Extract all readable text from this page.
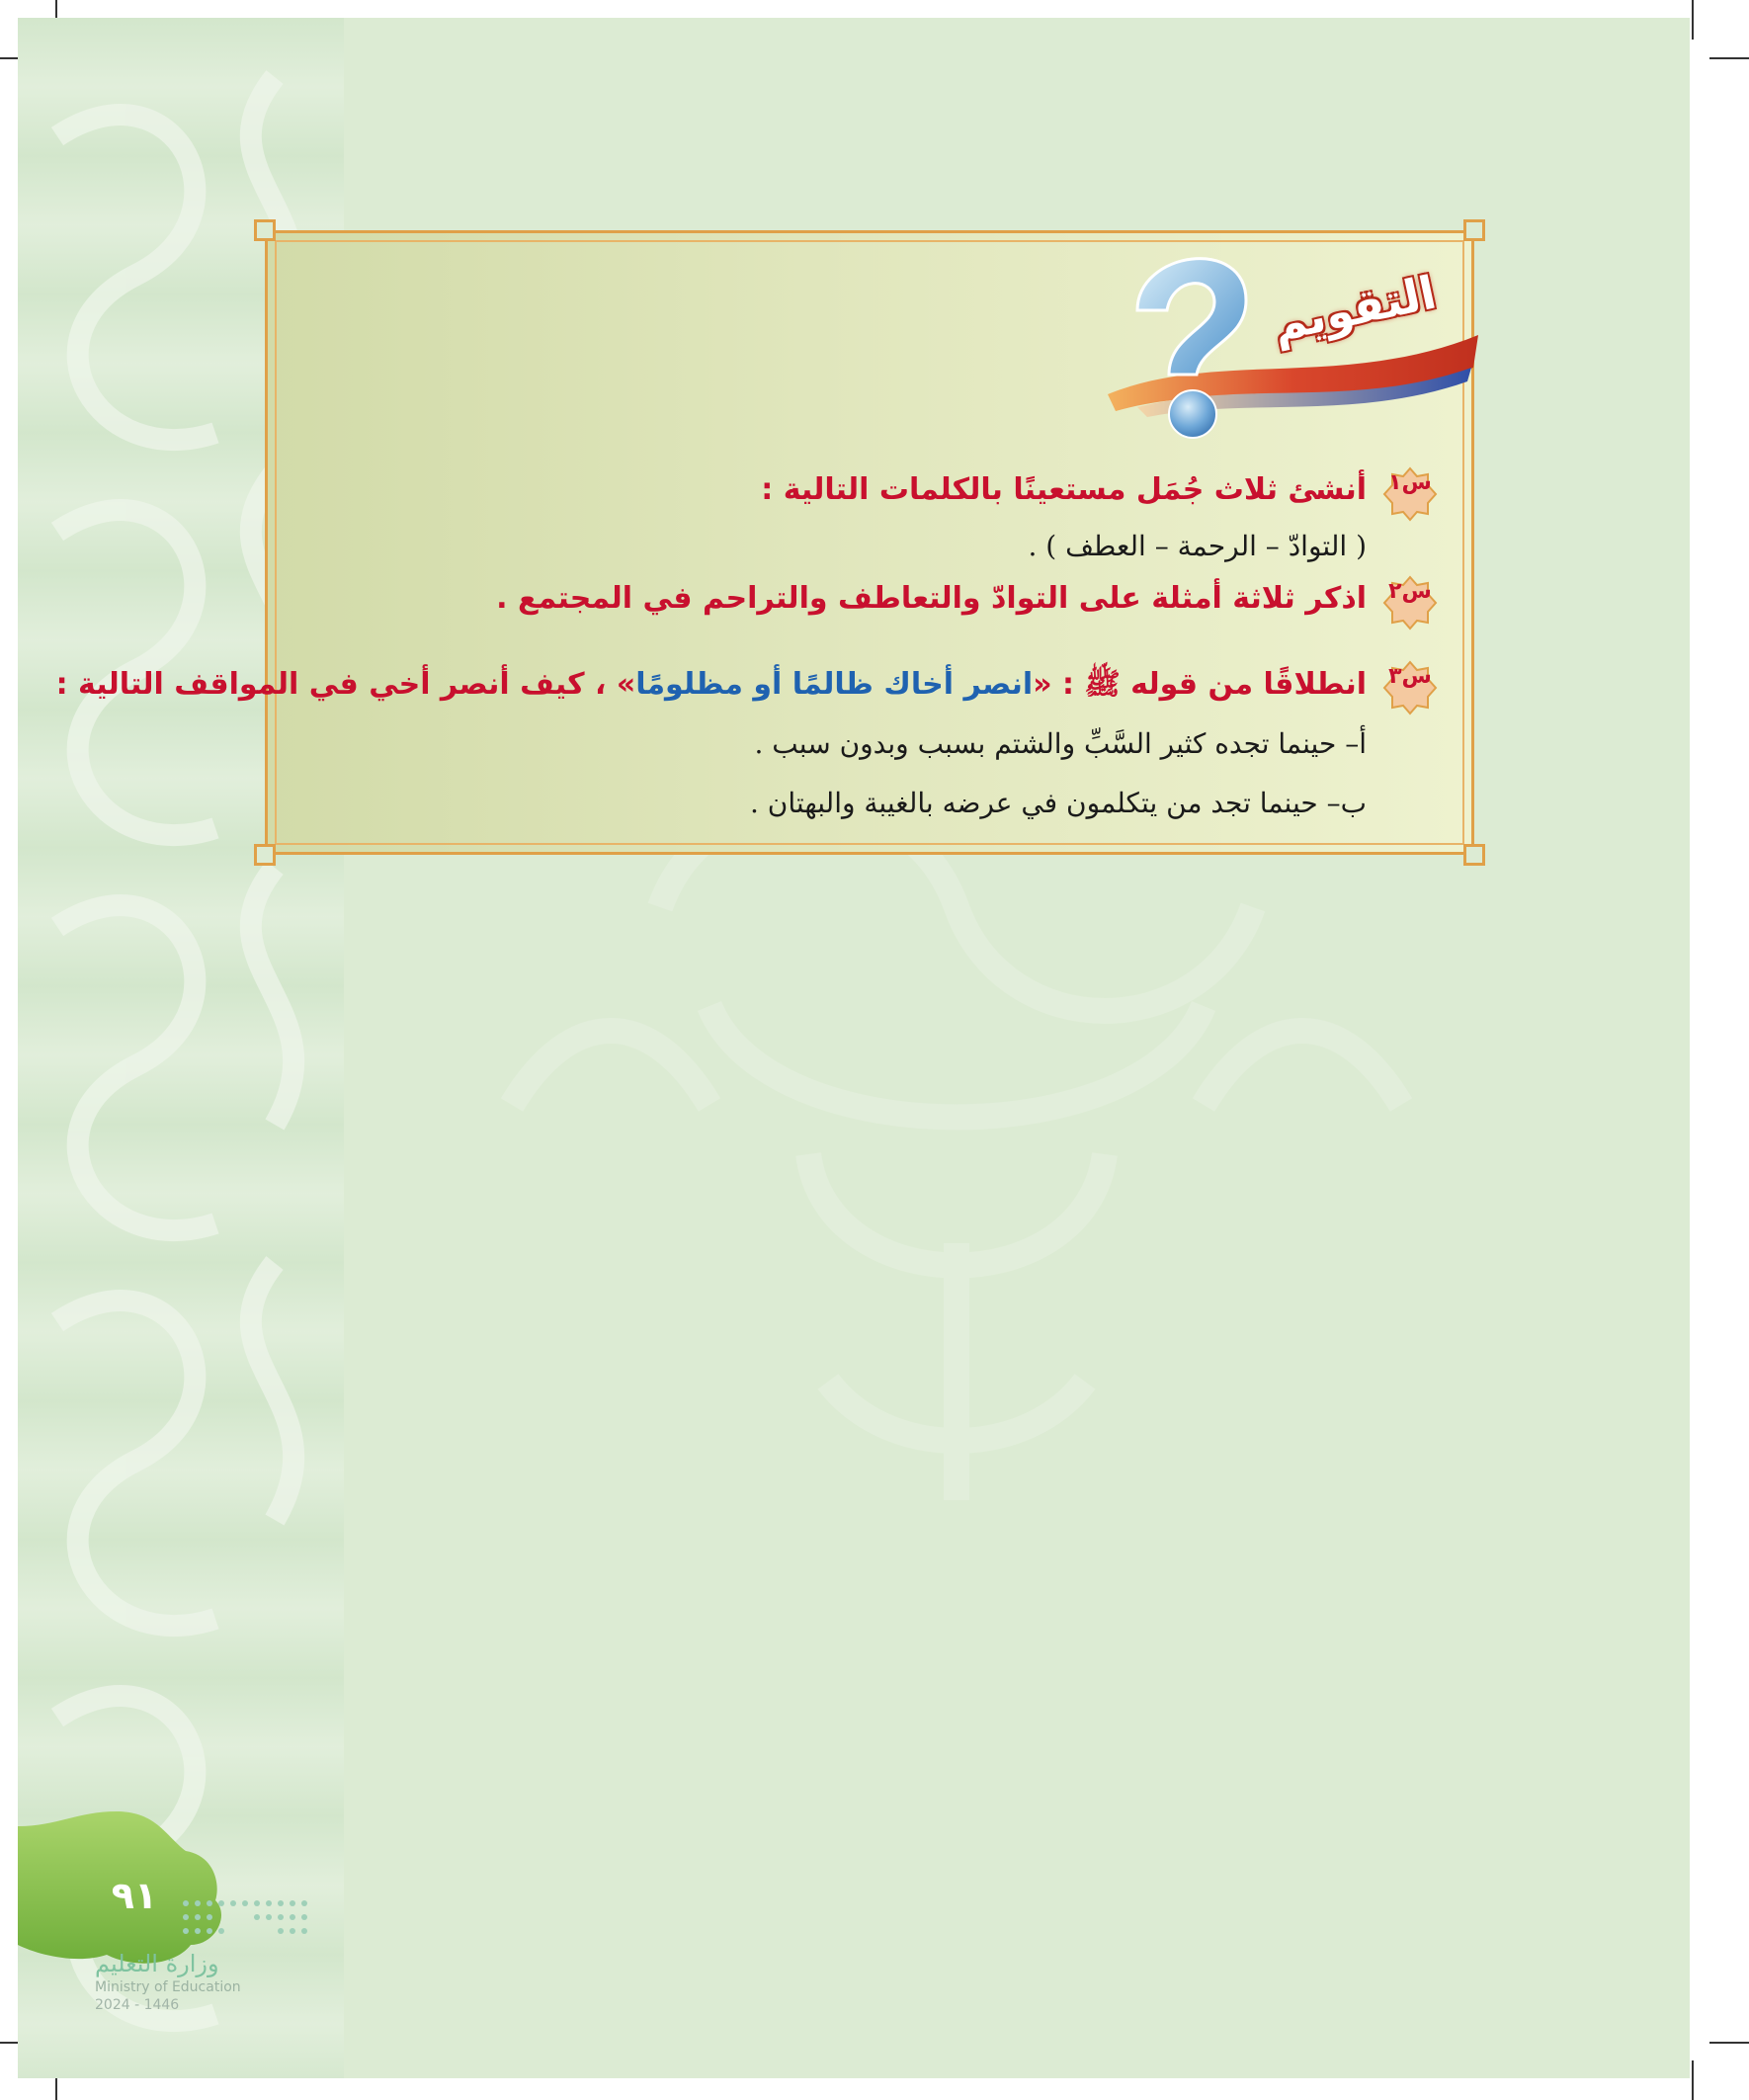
التقويم
س١
أنشئ ثلاث جُمَل مستعينًا بالكلمات التالية :
( التوادّ – الرحمة – العطف ) .
س٢
اذكر ثلاثة أمثلة على التوادّ والتعاطف والتراحم في المجتمع .
س٣
انطلاقًا من قوله ﷺ : «انصر أخاك ظالمًا أو مظلومًا» ، كيف أنصر أخي في المواقف التالية :
أ– حينما تجده كثير السَّبِّ والشتم بسبب وبدون سبب .
ب– حينما تجد من يتكلمون في عرضه بالغيبة والبهتان .
٩١
وزارة التعليم
Ministry of Education
2024 - 1446
